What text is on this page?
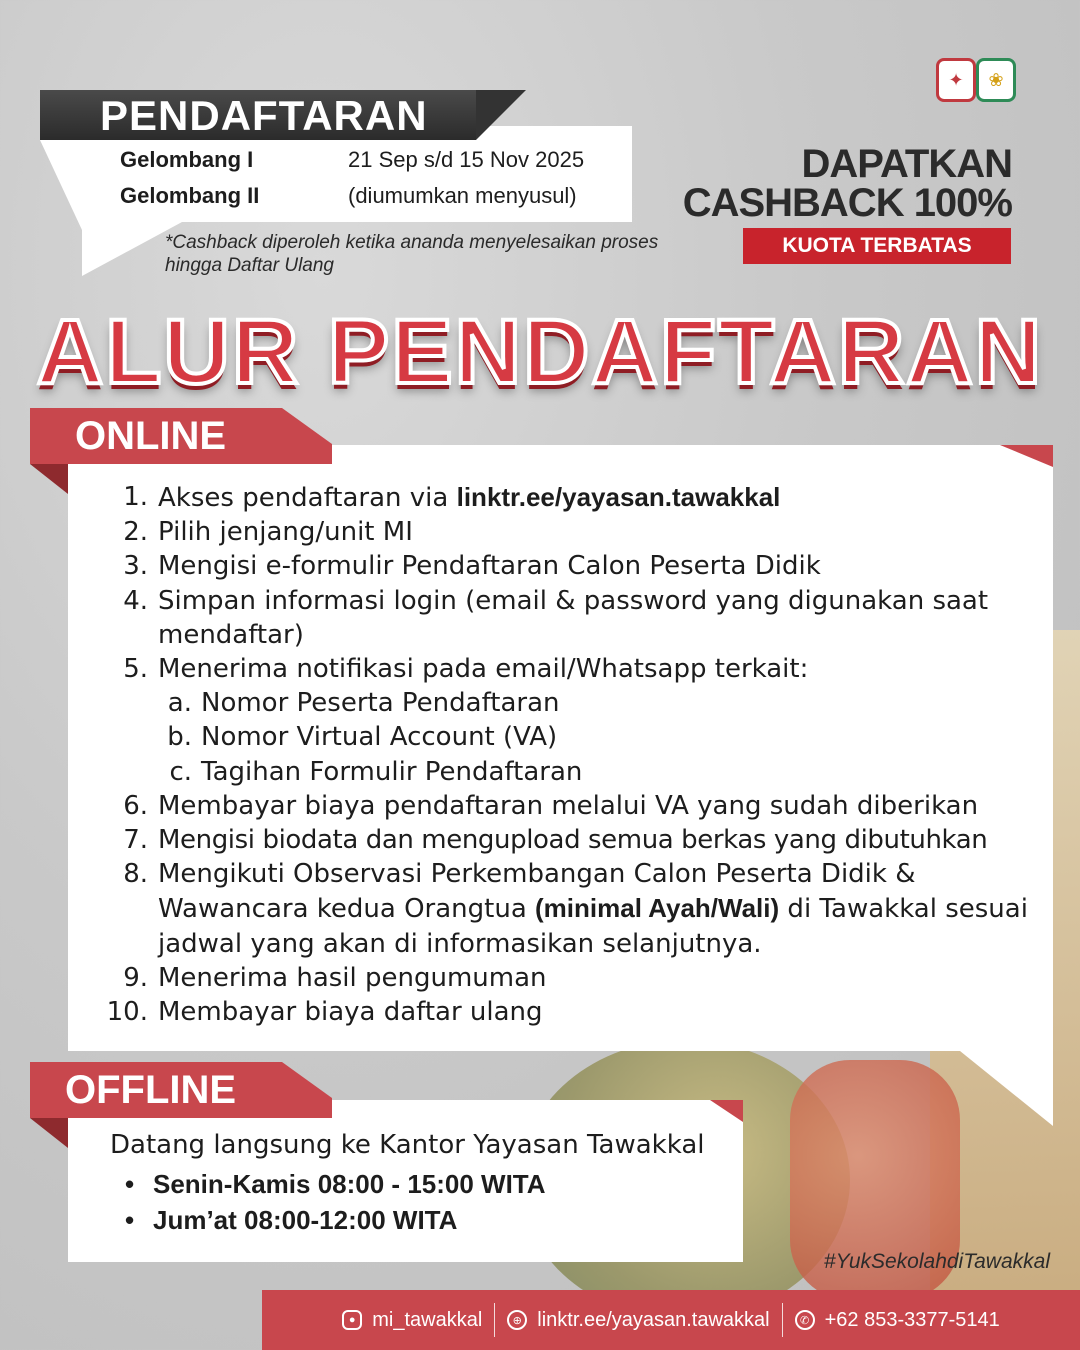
✦	❀
PENDAFTARAN
Gelombang I	21 Sep s/d 15 Nov 2025
Gelombang II	(diumumkan menyusul)
*Cashback diperoleh ketika ananda menyelesaikan proses hingga Daftar Ulang
DAPATKAN
CASHBACK 100%
KUOTA TERBATAS
ALUR PENDAFTARAN
ONLINE
1. Akses pendaftaran via linktr.ee/yayasan.tawakkal
2. Pilih jenjang/unit MI
3. Mengisi e-formulir Pendaftaran Calon Peserta Didik
4. Simpan informasi login (email & password yang digunakan saat mendaftar)
5. Menerima notifikasi pada email/Whatsapp terkait:
a. Nomor Peserta Pendaftaran
b. Nomor Virtual Account (VA)
c. Tagihan Formulir Pendaftaran
6. Membayar biaya pendaftaran melalui VA yang sudah diberikan
7. Mengisi biodata dan mengupload semua berkas yang dibutuhkan
8. Mengikuti Observasi Perkembangan Calon Peserta Didik & Wawancara kedua Orangtua (minimal Ayah/Wali) di Tawakkal sesuai jadwal yang akan di informasikan selanjutnya.
9. Menerima hasil pengumuman
10. Membayar biaya daftar ulang
OFFLINE
Datang langsung ke Kantor Yayasan Tawakkal
• Senin-Kamis 08:00 - 15:00 WITA
• Jum’at 08:00-12:00 WITA
#YukSekolahdiTawakkal
● mi_tawakkal	⊕ linktr.ee/yayasan.tawakkal	✆ +62 853-3377-5141
